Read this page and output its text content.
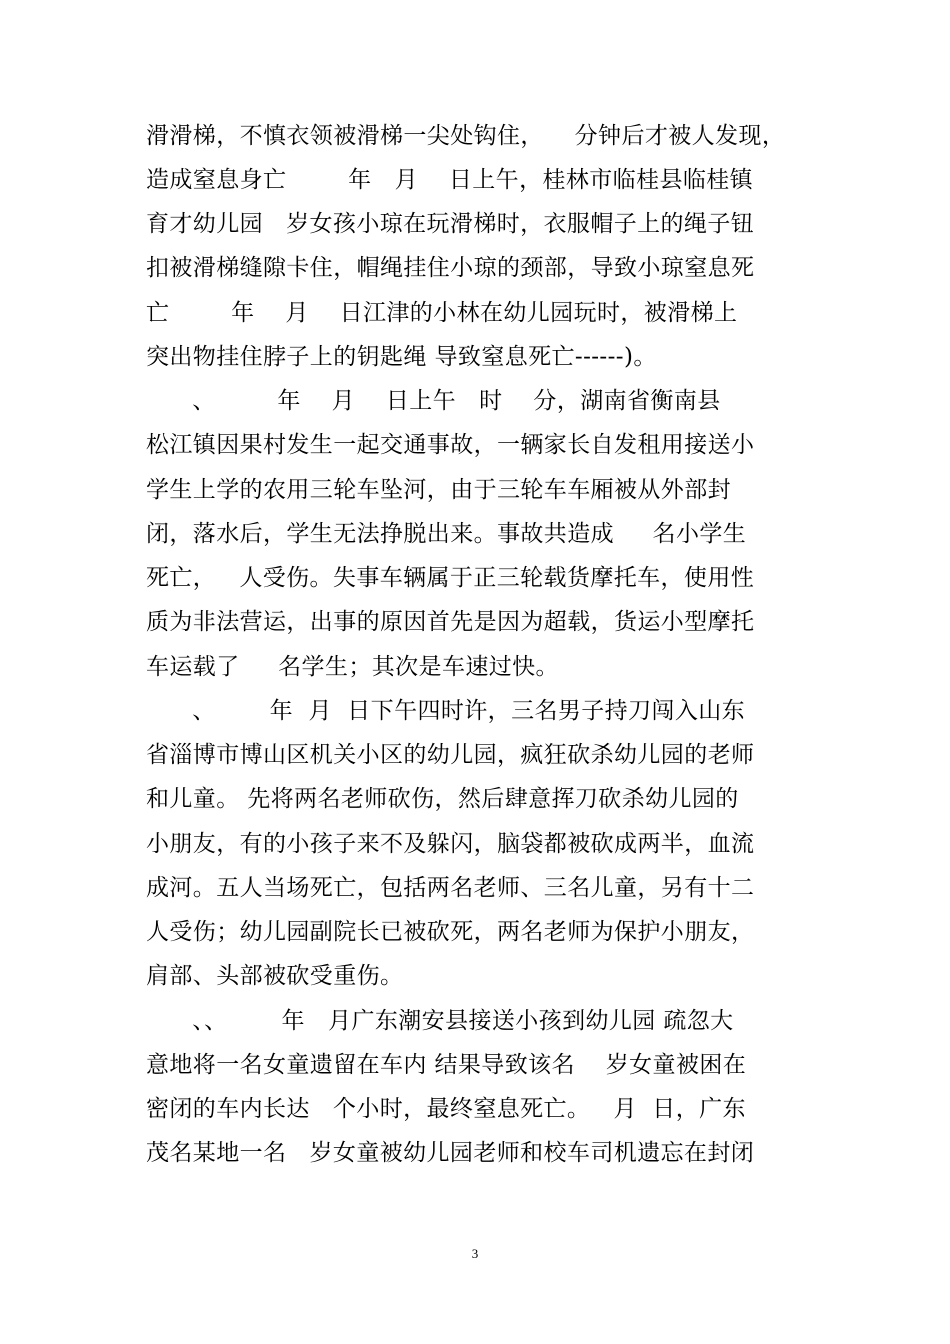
滑滑梯，不慎衣领被滑梯一尖处钩住，    分钟后才被人发现，
造成窒息身亡        年   月    日上午，桂林市临桂县临桂镇
育才幼儿园   岁女孩小琼在玩滑梯时，衣服帽子上的绳子钮
扣被滑梯缝隙卡住，帽绳挂住小琼的颈部，导致小琼窒息死
亡        年    月    日江津的小林在幼儿园玩时，被滑梯上
突出物挂住脖子上的钥匙绳 导致窒息死亡------)。
、        年    月    日上午   时    分，湖南省衡南县
松江镇因果村发生一起交通事故，一辆家长自发租用接送小
学生上学的农用三轮车坠河，由于三轮车车厢被从外部封
闭，落水后，学生无法挣脱出来。事故共造成     名小学生
死亡，   人受伤。失事车辆属于正三轮载货摩托车，使用性
质为非法营运，出事的原因首先是因为超载，货运小型摩托
车运载了     名学生；其次是车速过快。
、       年  月  日下午四时许，三名男子持刀闯入山东
省淄博市博山区机关小区的幼儿园，疯狂砍杀幼儿园的老师
和儿童。 先将两名老师砍伤，然后肆意挥刀砍杀幼儿园的
小朋友，有的小孩子来不及躲闪，脑袋都被砍成两半，血流
成河。五人当场死亡，包括两名老师、三名儿童，另有十二
人受伤；幼儿园副院长已被砍死，两名老师为保护小朋友，
肩部、头部被砍受重伤。
、、       年   月广东潮安县接送小孩到幼儿园 疏忽大
意地将一名女童遗留在车内 结果导致该名    岁女童被困在
密闭的车内长达   个小时，最终窒息死亡。   月  日，广东
茂名某地一名   岁女童被幼儿园老师和校车司机遗忘在封闭
3
